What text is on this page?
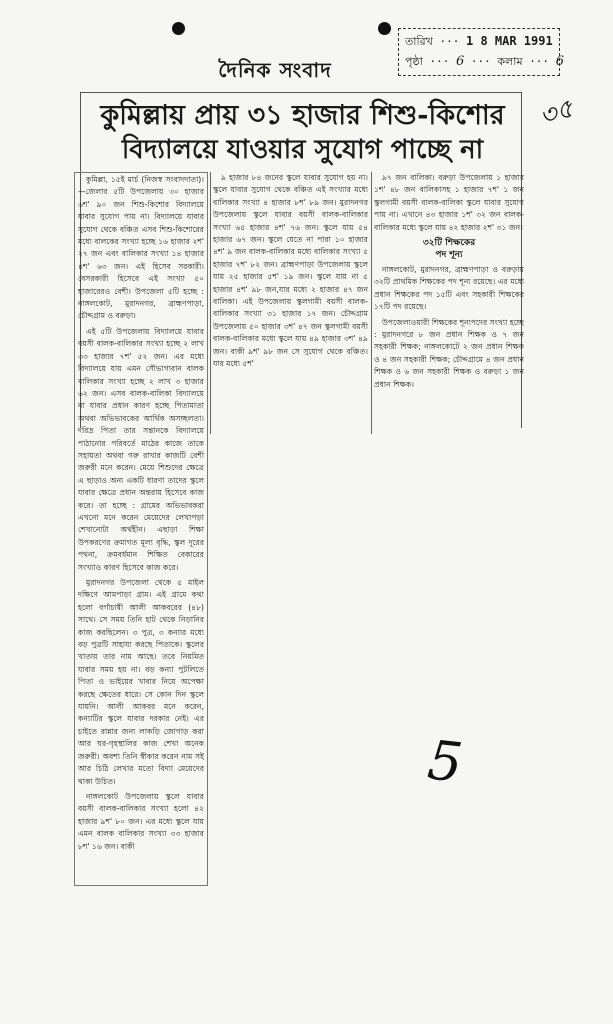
দৈনিক সংবাদ
তারিখ ··· 1 8 MAR 1991
পৃষ্ঠা ··· 6 ··· কলাম ··· 6
৩৫
কুমিল্লায় প্রায় ৩১ হাজার শিশু-কিশোর
বিদ্যালয়ে যাওয়ার সুযোগ পাচ্ছে না

কুমিল্লা, ১৫ই মার্চ (নিজস্ব সংবাদদাতা)।—জেলার ৫টি উপজেলায় ৩০ হাজার ৬শ' ৯০ জন শিশু-কিশোর বিদ্যালয়ে যাবার সুযোগ পায় না। বিদ্যালয়ে যাবার সুযোগ থেকে বঞ্চিত এসব শিশু-কিশোরের মধ্যে বালকের সংখ্যা হচ্ছে ১৬ হাজার ২শ' ২৭ জন এবং বালিকার সংখ্যা ১৪ হাজার ৪শ' ৬৩ জন। এই হিসেব সরকারী। বেসরকারী হিসেবে এই সংখ্যা ৫০ হাজারেরও বেশী। উপজেলা ৫টি হচ্ছে : নাঙ্গলকোট, মুরাদনগর, ব্রাহ্মণপাড়া, চৌদ্দগ্রাম ও বরুড়া।

এই ৫টি উপজেলায় বিদ্যালয়ে যাবার বয়সী বালক-বালিকার সংখ্যা হচ্ছে ২ লাখ ৩৩ হাজার ৭শ' ৫২ জন। এর মধ্যে বিদ্যালয়ে যায় এমন সৌভাগ্যবান বালক বালিকার সংখ্যা হচ্ছে ২ লাখ ৩ হাজার ৬২ জন। এসব বালক-বালিকা বিদ্যালয়ে না যাবার প্রধান কারণ হচ্ছে পিতামাতা অথবা অভিভাবকের আর্থিক অসচ্ছলতা। দরিদ্র পিতা তার সন্তানকে বিদ্যালয়ে পাঠানোর পরিবর্তে মাঠের কাজে তাকে সহায়তা অথবা গরু রাখার কাজটি বেশী জরুরী মনে করেন। মেয়ে শিশুদের ক্ষেত্রে এ ছাড়াও অন্য একটি ধারণা তাদের স্কুলে যাবার ক্ষেত্রে প্রধান অন্তরায় হিসেবে কাজ করে। তা হচ্ছে : গ্রামের অভিভাবকরা এখনো মনে করেন মেয়েদের লেখাপড়া শেখানোটা অর্থহীন। এছাড়া শিক্ষা উপকরণের ক্রমাগত মূল্য বৃদ্ধি, স্কুল দূরের পথনা, ক্রমবর্ধমান শিক্ষিত বেকারের সংখ্যাও কারণ হিসেবে কাজ করে।

মুরাদনগর উপজেলা থেকে ৫ মাইল দক্ষিণে আমপাড়া গ্রাম। এই গ্রামে কথা হলো বর্গাচাষী আলী আকবরের (৪৮) সাথে। সে সময় তিনি হাট থেকে নিড়ানির কাজ করছিলেন। ৩ পুত্র, ৩ কন্যার মধ্যে বড় পুত্রটি সাহায্য করছে পিতাকে। স্কুলের খাতায় তার নাম আছে। তবে নিয়মিত যাবার সময় হয় না। বড় কন্যা পুটলিতে পিতা ও ভাইয়ের খাবার নিয়ে অপেক্ষা করছে ক্ষেতের ধারে। সে কোন দিন স্কুলে যায়নি। আলী আকবর মনে করেন, কন্যাটির স্কুলে যাবার দরকার নেই। এর চাইতে রান্নার জন্য লাকড়ি জোগাড় করা আর ঘর-গৃহস্থালির কাজ শেখা অনেক জরুরী। অবশ্য তিনি স্বীকার করেন নাম সই আর চিঠি লেখার মতো বিদ্যা মেয়েদের থাকা উচিত।

নাঙ্গলকোট উপজেলায় স্কুলে যাবার বয়সী বালক-বালিকার সংখ্যা হলো ৪২ হাজার ৯শ' ৮০ জন। এর মধ্যে স্কুলে যায় এমন বালক বালিকার সংখ্যা ৩৩ হাজার ৮শ' ১৬ জন। বাকী

৯ হাজার ৮৪ জনের স্কুলে যাবার সুযোগ হয় না। স্কুলে যাবার সুযোগ থেকে বঞ্চিত এই সংখ্যার মধ্যে বালিকার সংখ্যা ৪ হাজার ৮শ' ৮৯ জন। মুরাদনগর উপজেলায় স্কুলে যাবার বয়সী বালক-বালিকার সংখ্যা ৬৫ হাজার ৪শ' ৭৬ জন। স্কুলে যায় ৫৪ হাজার ৬৭ জন। স্কুলে যেতে না পারা ১০ হাজার ৪শ' ৯ জন বালক-বালিকার মধ্যে বালিকার সংখ্যা ৫ হাজার ৭শ' ৮২ জন। ব্রাহ্মণপাড়া উপজেলায় স্কুলে যায় ২৫ হাজার ৫শ' ১৯ জন। স্কুলে যায় না ৫ হাজার ৪শ' ৯৮ জন,যার মধ্যে ২ হাজার ৪৭ জন বালিকা। এই উপজেলায় স্কুলগামী বয়সী বালক-বালিকার সংখ্যা ৩১ হাজার ১৭ জন। চৌদ্দগ্রাম উপজেলায় ৫০ হাজার ৩শ' ৪৭ জন স্কুলগামী বয়সী বালক-বালিকার মধ্যে স্কুলে যায় ৪৯ হাজার ৩শ' ৪৯ জন। বাকী ৯শ' ৯৮ জন সে সুযোগ থেকে বঞ্চিত। যার মধ্যে ৫শ'

৯৭ জন বালিকা। বরুড়া উপজেলায় ১ হাজার ১শ' ৪৮ জন বালিকাসহ ১ হাজার ৭শ' ১ জন স্কুলগামী বয়সী বালক-বালিকা স্কুলে যাবার সুযোগ পায় না। এখানে ৪৩ হাজার ১শ' ৩২ জন বালক-বালিকার মধ্যে স্কুলে যায় ৪২ হাজার ২শ' ৩১ জন।

৩২টি শিক্ষকের

পদ শূন্য

নাঙ্গলকোট, মুরাদনগর, ব্রাহ্মণপাড়া ও বরুড়ায় ৩২টি প্রাথমিক শিক্ষকের পদ শূন্য রয়েছে। এর মধ্যে প্রধান শিক্ষকের পদ ১৫টি এবং সহকারী শিক্ষকের ১৭টি পদ রয়েছে।

উপজেলাওয়ারী শিক্ষকের শূন্যপদের সংখ্যা হচ্ছে : মুরাদনগরে ৮ জন প্রধান শিক্ষক ও ৭ জন সহকারী শিক্ষক; নাঙ্গলকোটে ২ জন প্রধান শিক্ষক ও ৪ জন সহকারী শিক্ষক; চৌদ্দগ্রামে ৪ জন প্রধান শিক্ষক ও ৬ জন সহকারী শিক্ষক ও বরুড়া ১ জন প্রধান শিক্ষক।

5
